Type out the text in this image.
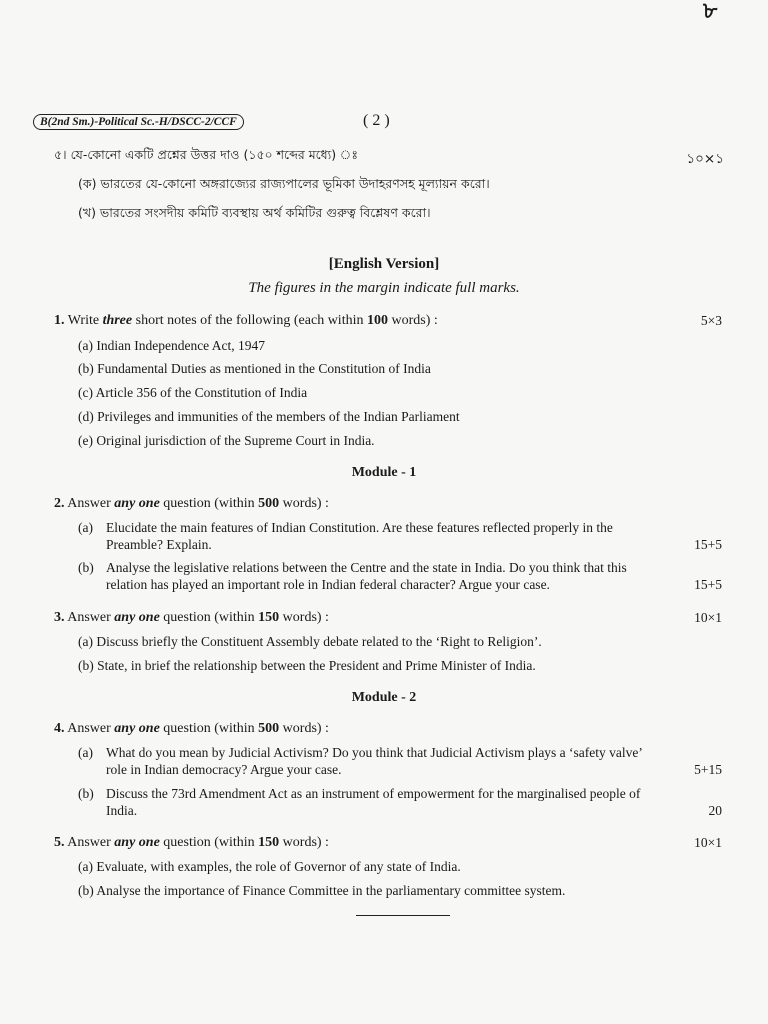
৮
B(2nd Sm.)-Political Sc.-H/DSCC-2/CCF	( 2 )
৫। যে-কোনো একটি প্রশ্নের উত্তর দাও (১৫০ শব্দের মধ্যে) ঃ	১০×১
(ক) ভারতের যে-কোনো অঙ্গরাজ্যের রাজ্যপালের ভূমিকা উদাহরণসহ মূল্যায়ন করো।
(খ) ভারতের সংসদীয় কমিটি ব্যবস্থায় অর্থ কমিটির গুরুত্ব বিশ্লেষণ করো।
[English Version]
The figures in the margin indicate full marks.
1. Write three short notes of the following (each within 100 words) :	5×3
(a) Indian Independence Act, 1947
(b) Fundamental Duties as mentioned in the Constitution of India
(c) Article 356 of the Constitution of India
(d) Privileges and immunities of the members of the Indian Parliament
(e) Original jurisdiction of the Supreme Court in India.
Module - 1
2. Answer any one question (within 500 words) :
(a) Elucidate the main features of Indian Constitution. Are these features reflected properly in the
Preamble? Explain.	15+5
(b) Analyse the legislative relations between the Centre and the state in India. Do you think that this
relation has played an important role in Indian federal character? Argue your case.	15+5
3. Answer any one question (within 150 words) :	10×1
(a) Discuss briefly the Constituent Assembly debate related to the ‘Right to Religion’.
(b) State, in brief the relationship between the President and Prime Minister of India.
Module - 2
4. Answer any one question (within 500 words) :
(a) What do you mean by Judicial Activism? Do you think that Judicial Activism plays a ‘safety valve’
role in Indian democracy? Argue your case.	5+15
(b) Discuss the 73rd Amendment Act as an instrument of empowerment for the marginalised people of
India.	20
5. Answer any one question (within 150 words) :	10×1
(a) Evaluate, with examples, the role of Governor of any state of India.
(b) Analyse the importance of Finance Committee in the parliamentary committee system.
